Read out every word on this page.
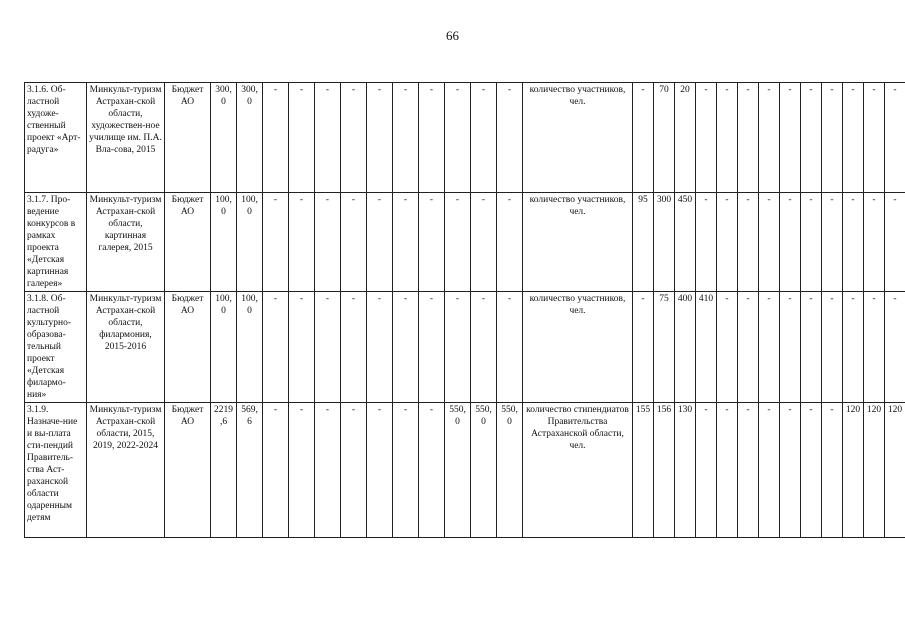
66
3.1.6. Об-ластной художе-ственный проект «Арт-радуга»	Минкульт-туризм Астрахан-ской области, художествен-ное училище им. П.А. Вла-сова, 2015	Бюджет АО	300,0	300,0	-	-	-	-	-	-	-	-	-	-	количество участников, чел.	-	70	20	-	-	-	-	-	-	-	-	-	-
3.1.7. Про-ведение конкурсов в рамках проекта «Детская картинная галерея»	Минкульт-туризм Астрахан-ской области, картинная галерея, 2015	Бюджет АО	100,0	100,0	-	-	-	-	-	-	-	-	-	-	количество участников, чел.	95	300	450	-	-	-	-	-	-	-	-	-	-
3.1.8. Об-ластной культурно-образова-тельный проект «Детская филармо-ния»	Минкульт-туризм Астрахан-ской области, филармония, 2015-2016	Бюджет АО	100,0	100,0	-	-	-	-	-	-	-	-	-	-	количество участников, чел.	-	75	400	410	-	-	-	-	-	-	-	-	-
3.1.9. Назначе-ние и вы-плата сти-пендий Правитель-ства Аст-раханской области одаренным детям	Минкульт-туризм Астрахан-ской области, 2015, 2019, 2022-2024	Бюджет АО	2219,6	569,6	-	-	-	-	-	-	-	550,0	550,0	550,0	количество стипендиатов Правительства Астраханской области, чел.	155	156	130	-	-	-	-	-	-	-	120	120	120
